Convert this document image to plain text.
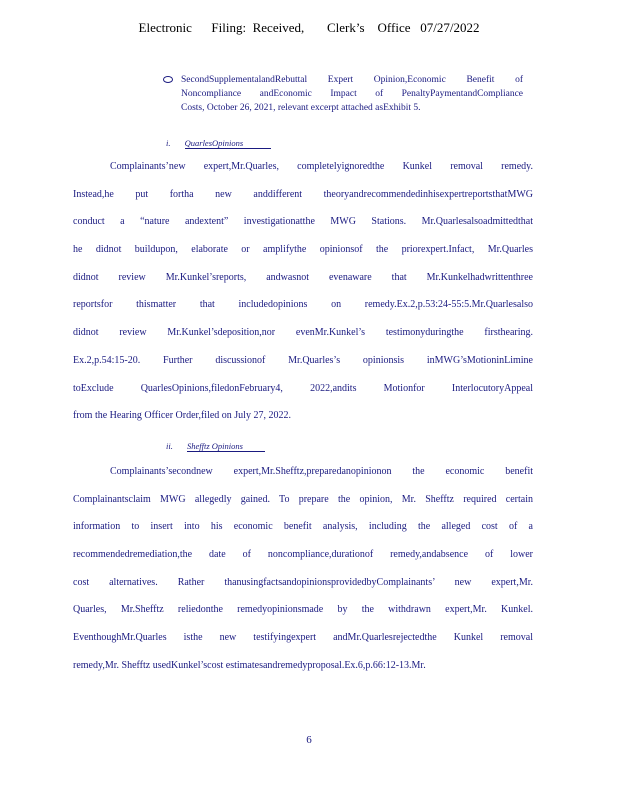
Electronic      Filing:  Received,       Clerk’s    Office   07/27/2022
SecondSupplementalandRebuttal Expert Opinion,Economic Benefit of
Noncompliance andEconomic Impact of PenaltyPaymentandCompliance
Costs, October 26, 2021, relevant excerpt attached asExhibit 5.
i. QuarlesOpinions
Complainants’new expert,Mr.Quarles, completelyignoredthe Kunkel removal remedy.
Instead,he put fortha new anddifferent theoryandrecommendedinhisexpertreportsthatMWG
conduct a “nature andextent” investigationatthe MWG Stations. Mr.Quarlesalsoadmittedthat
he didnot buildupon, elaborate or amplifythe opinionsof the priorexpert.Infact, Mr.Quarles
didnot review Mr.Kunkel’sreports, andwasnot evenaware that Mr.Kunkelhadwrittenthree
reportsfor thismatter that includedopinions on remedy.Ex.2,p.53:24-55:5.Mr.Quarlesalso
didnot review Mr.Kunkel’sdeposition,nor evenMr.Kunkel’s testimonyduringthe firsthearing.
Ex.2,p.54:15-20. Further discussionof Mr.Quarles’s opinionsis inMWG’sMotioninLimine
toExclude QuarlesOpinions,filedonFebruary4, 2022,andits Motionfor InterlocutoryAppeal
from the Hearing Officer Order,filed on July 27, 2022.
ii. Shefftz Opinions
Complainants’secondnew expert,Mr.Shefftz,preparedanopinionon the economic benefit
Complainantsclaim MWG allegedly gained. To prepare the opinion, Mr. Shefftz required certain
information to insert into his economic benefit analysis, including the alleged cost of a
recommendedremediation,the date of noncompliance,durationof remedy,andabsence of lower
cost alternatives. Rather thanusingfactsandopinionsprovidedbyComplainants’ new expert,Mr.
Quarles, Mr.Shefftz reliedonthe remedyopinionsmade by the withdrawn expert,Mr. Kunkel.
EventhoughMr.Quarles isthe new testifyingexpert andMr.Quarlesrejectedthe Kunkel removal
remedy,Mr. Shefftz usedKunkel’scost estimatesandremedyproposal.Ex.6,p.66:12-13.Mr.
6
